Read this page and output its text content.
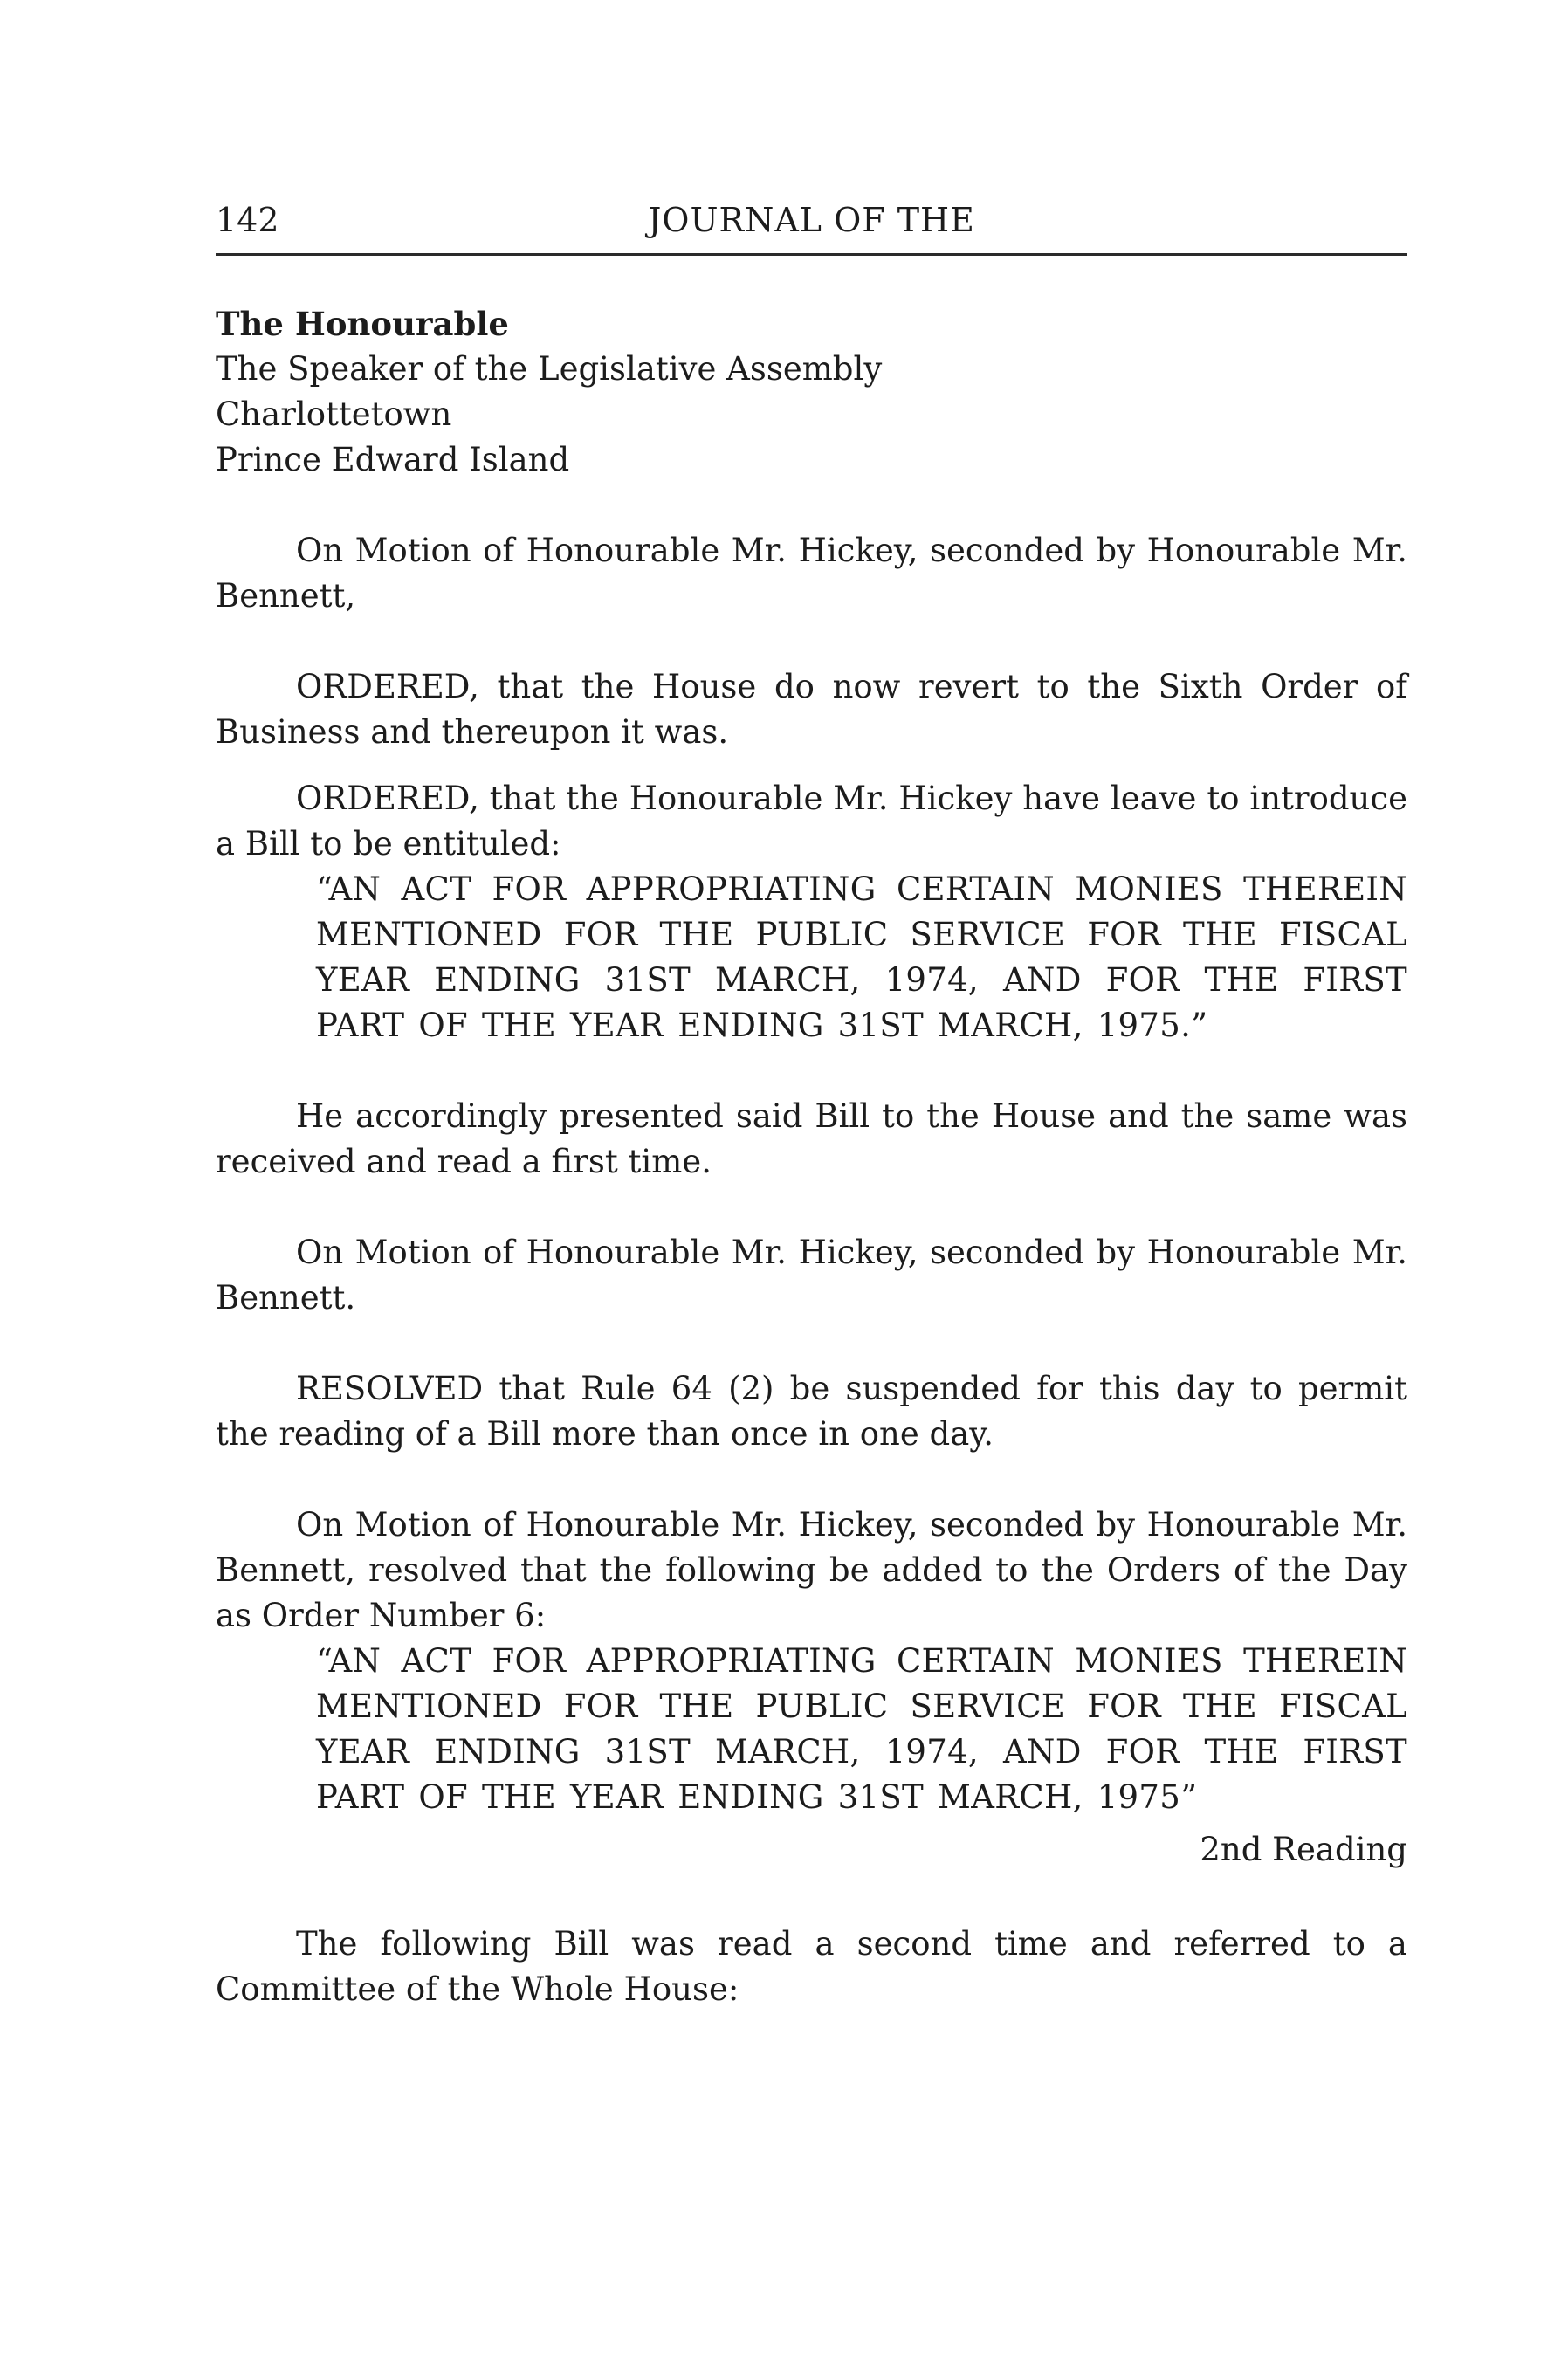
142	JOURNAL OF THE

The Honourable

The Speaker of the Legislative Assembly

Charlottetown

Prince Edward Island

On Motion of Honourable Mr. Hickey, seconded by Honourable Mr. Bennett,

ORDERED, that the House do now revert to the Sixth Order of Business and thereupon it was.

ORDERED, that the Honourable Mr. Hickey have leave to introduce a Bill to be entituled:

“AN ACT FOR APPROPRIATING CERTAIN MONIES THEREIN MENTIONED FOR THE PUBLIC SERVICE FOR THE FISCAL YEAR ENDING 31ST MARCH, 1974, AND FOR THE FIRST PART OF THE YEAR ENDING 31ST MARCH, 1975.”

He accordingly presented said Bill to the House and the same was received and read a first time.

On Motion of Honourable Mr. Hickey, seconded by Honourable Mr. Bennett.

RESOLVED that Rule 64 (2) be suspended for this day to permit the reading of a Bill more than once in one day.

On Motion of Honourable Mr. Hickey, seconded by Honourable Mr. Bennett, resolved that the following be added to the Orders of the Day as Order Number 6:

“AN ACT FOR APPROPRIATING CERTAIN MONIES THEREIN MENTIONED FOR THE PUBLIC SERVICE FOR THE FISCAL YEAR ENDING 31ST MARCH, 1974, AND FOR THE FIRST PART OF THE YEAR ENDING 31ST MARCH, 1975”

2nd Reading

The following Bill was read a second time and referred to a Committee of the Whole House:
